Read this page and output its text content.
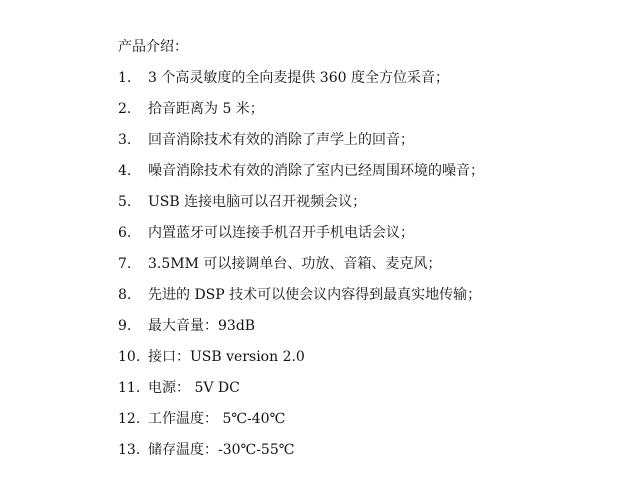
产品介绍：
1.	3 个高灵敏度的全向麦提供 360 度全方位采音；
2.	拾音距离为 5 米；
3.	回音消除技术有效的消除了声学上的回音；
4.	噪音消除技术有效的消除了室内已经周围环境的噪音；
5.	USB 连接电脑可以召开视频会议；
6.	内置蓝牙可以连接手机召开手机电话会议；
7.	3.5MM 可以接调单台、功放、音箱、麦克风；
8.	先进的 DSP 技术可以使会议内容得到最真实地传输；
9.	最大音量：93dB
10. 接口：USB version 2.0
11. 电源： 5V DC
12. 工作温度： 5℃-40℃
13. 储存温度：-30℃-55℃
